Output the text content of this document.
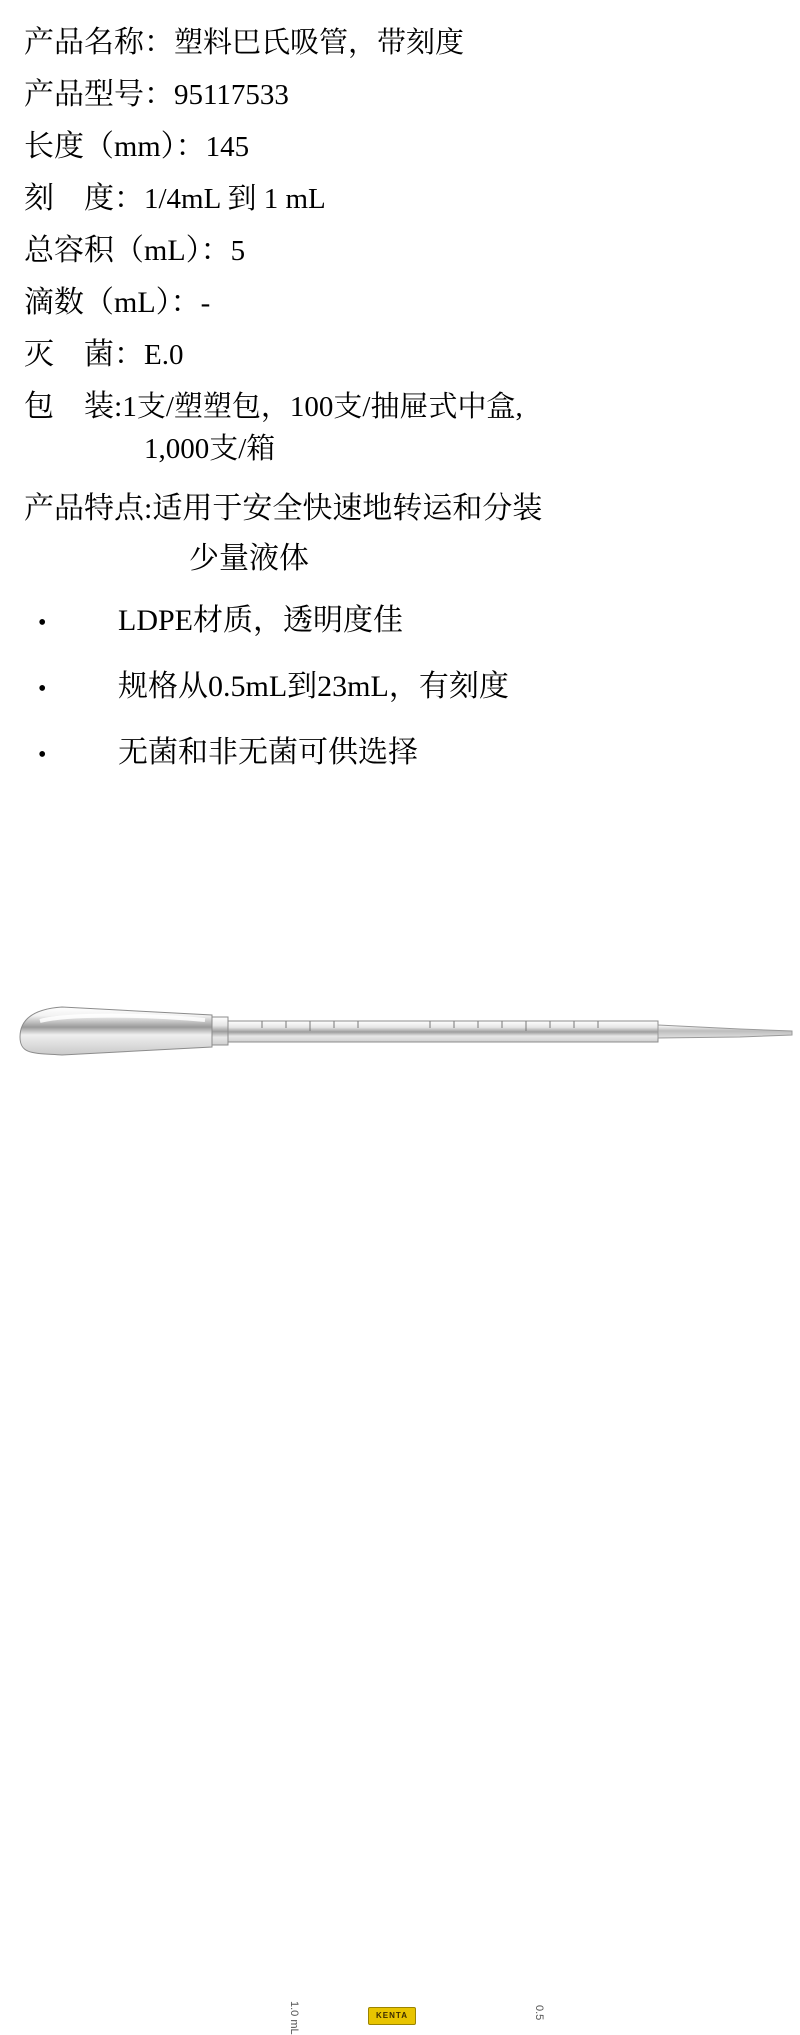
产品名称： 塑料巴氏吸管，带刻度
产品型号： 95117533
长度（mm）： 145
刻    度： 1/4mL 到 1 mL
总容积（mL）： 5
滴数（mL）： -
灭    菌： E.0
包    装: 1支/塑塑包，100支/抽屉式中盒,
1,000支/箱
产品特点:适用于安全快速地转运和分装
少量液体
• LDPE材质，透明度佳
• 规格从0.5mL到23mL，有刻度
• 无菌和非无菌可供选择
KENTA
1.0 mL	0.5
